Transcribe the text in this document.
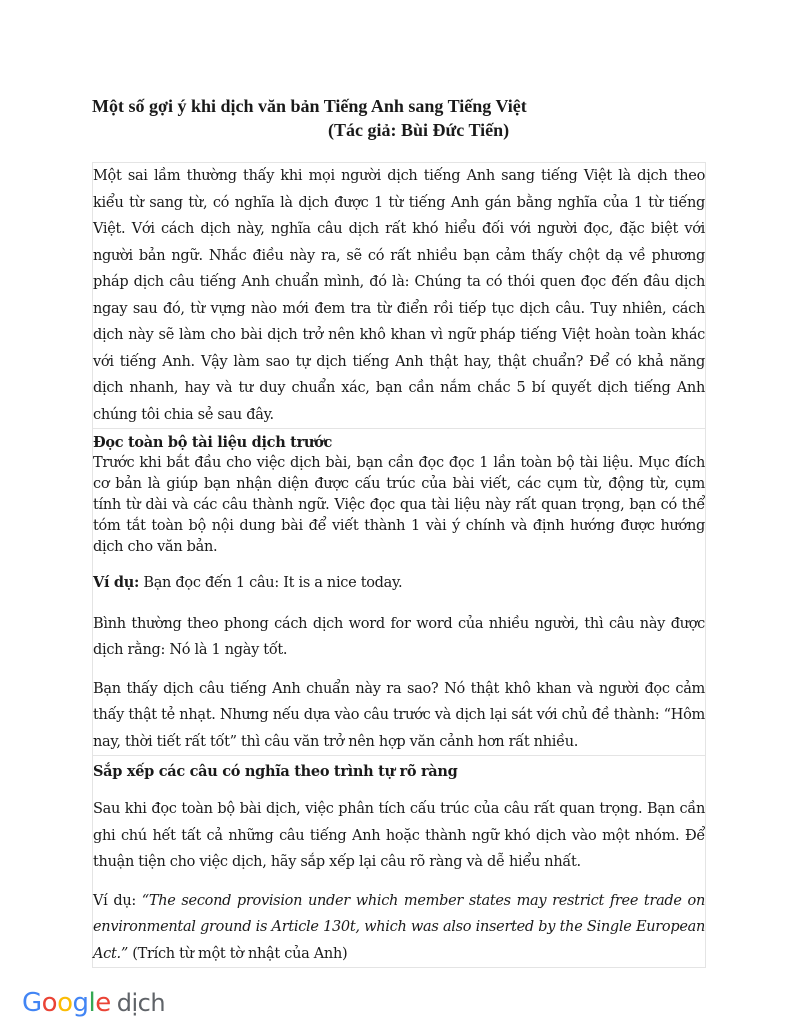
Một số gợi ý khi dịch văn bản Tiếng Anh sang Tiếng Việt

(Tác giả: Bùi Đức Tiến)

Một sai lầm thường thấy khi mọi người dịch tiếng Anh sang tiếng Việt là dịch theo kiểu từ sang từ, có nghĩa là dịch được 1 từ tiếng Anh gán bằng nghĩa của 1 từ tiếng Việt. Với cách dịch này, nghĩa câu dịch rất khó hiểu đối với người đọc, đặc biệt với người bản ngữ. Nhắc điều này ra, sẽ có rất nhiều bạn cảm thấy chột dạ về phương pháp dịch câu tiếng Anh chuẩn mình, đó là: Chúng ta có thói quen đọc đến đâu dịch ngay sau đó, từ vựng nào mới đem tra từ điển rồi tiếp tục dịch câu. Tuy nhiên, cách dịch này sẽ làm cho bài dịch trở nên khô khan vì ngữ pháp tiếng Việt hoàn toàn khác với tiếng Anh. Vậy làm sao tự dịch tiếng Anh thật hay, thật chuẩn? Để có khả năng dịch nhanh, hay và tư duy chuẩn xác, bạn cần nắm chắc 5 bí quyết dịch tiếng Anh chúng tôi chia sẻ sau đây.

Đọc toàn bộ tài liệu dịch trước

Trước khi bắt đầu cho việc dịch bài, bạn cần đọc đọc 1 lần toàn bộ tài liệu. Mục đích cơ bản là giúp bạn nhận diện được cấu trúc của bài viết, các cụm từ, động từ, cụm tính từ dài và các câu thành ngữ. Việc đọc qua tài liệu này rất quan trọng, bạn có thể tóm tắt toàn bộ nội dung bài để viết thành 1 vài ý chính và định hướng được hướng dịch cho văn bản.

Ví dụ: Bạn đọc đến 1 câu: It is a nice today.

Bình thường theo phong cách dịch word for word của nhiều người, thì câu này được dịch rằng: Nó là 1 ngày tốt.

Bạn thấy dịch câu tiếng Anh chuẩn này ra sao? Nó thật khô khan và người đọc cảm thấy thật tẻ nhạt. Nhưng nếu dựa vào câu trước và dịch lại sát với chủ đề thành: “Hôm nay, thời tiết rất tốt” thì câu văn trở nên hợp văn cảnh hơn rất nhiều.

Sắp xếp các câu có nghĩa theo trình tự rõ ràng

Sau khi đọc toàn bộ bài dịch, việc phân tích cấu trúc của câu rất quan trọng. Bạn cần ghi chú hết tất cả những câu tiếng Anh hoặc thành ngữ khó dịch vào một nhóm. Để thuận tiện cho việc dịch, hãy sắp xếp lại câu rõ ràng và dễ hiểu nhất.

Ví dụ: “The second provision under which member states may restrict free trade on environmental ground is Article 130t, which was also inserted by the Single European Act.” (Trích từ một tờ nhật của Anh)

Google dịch
